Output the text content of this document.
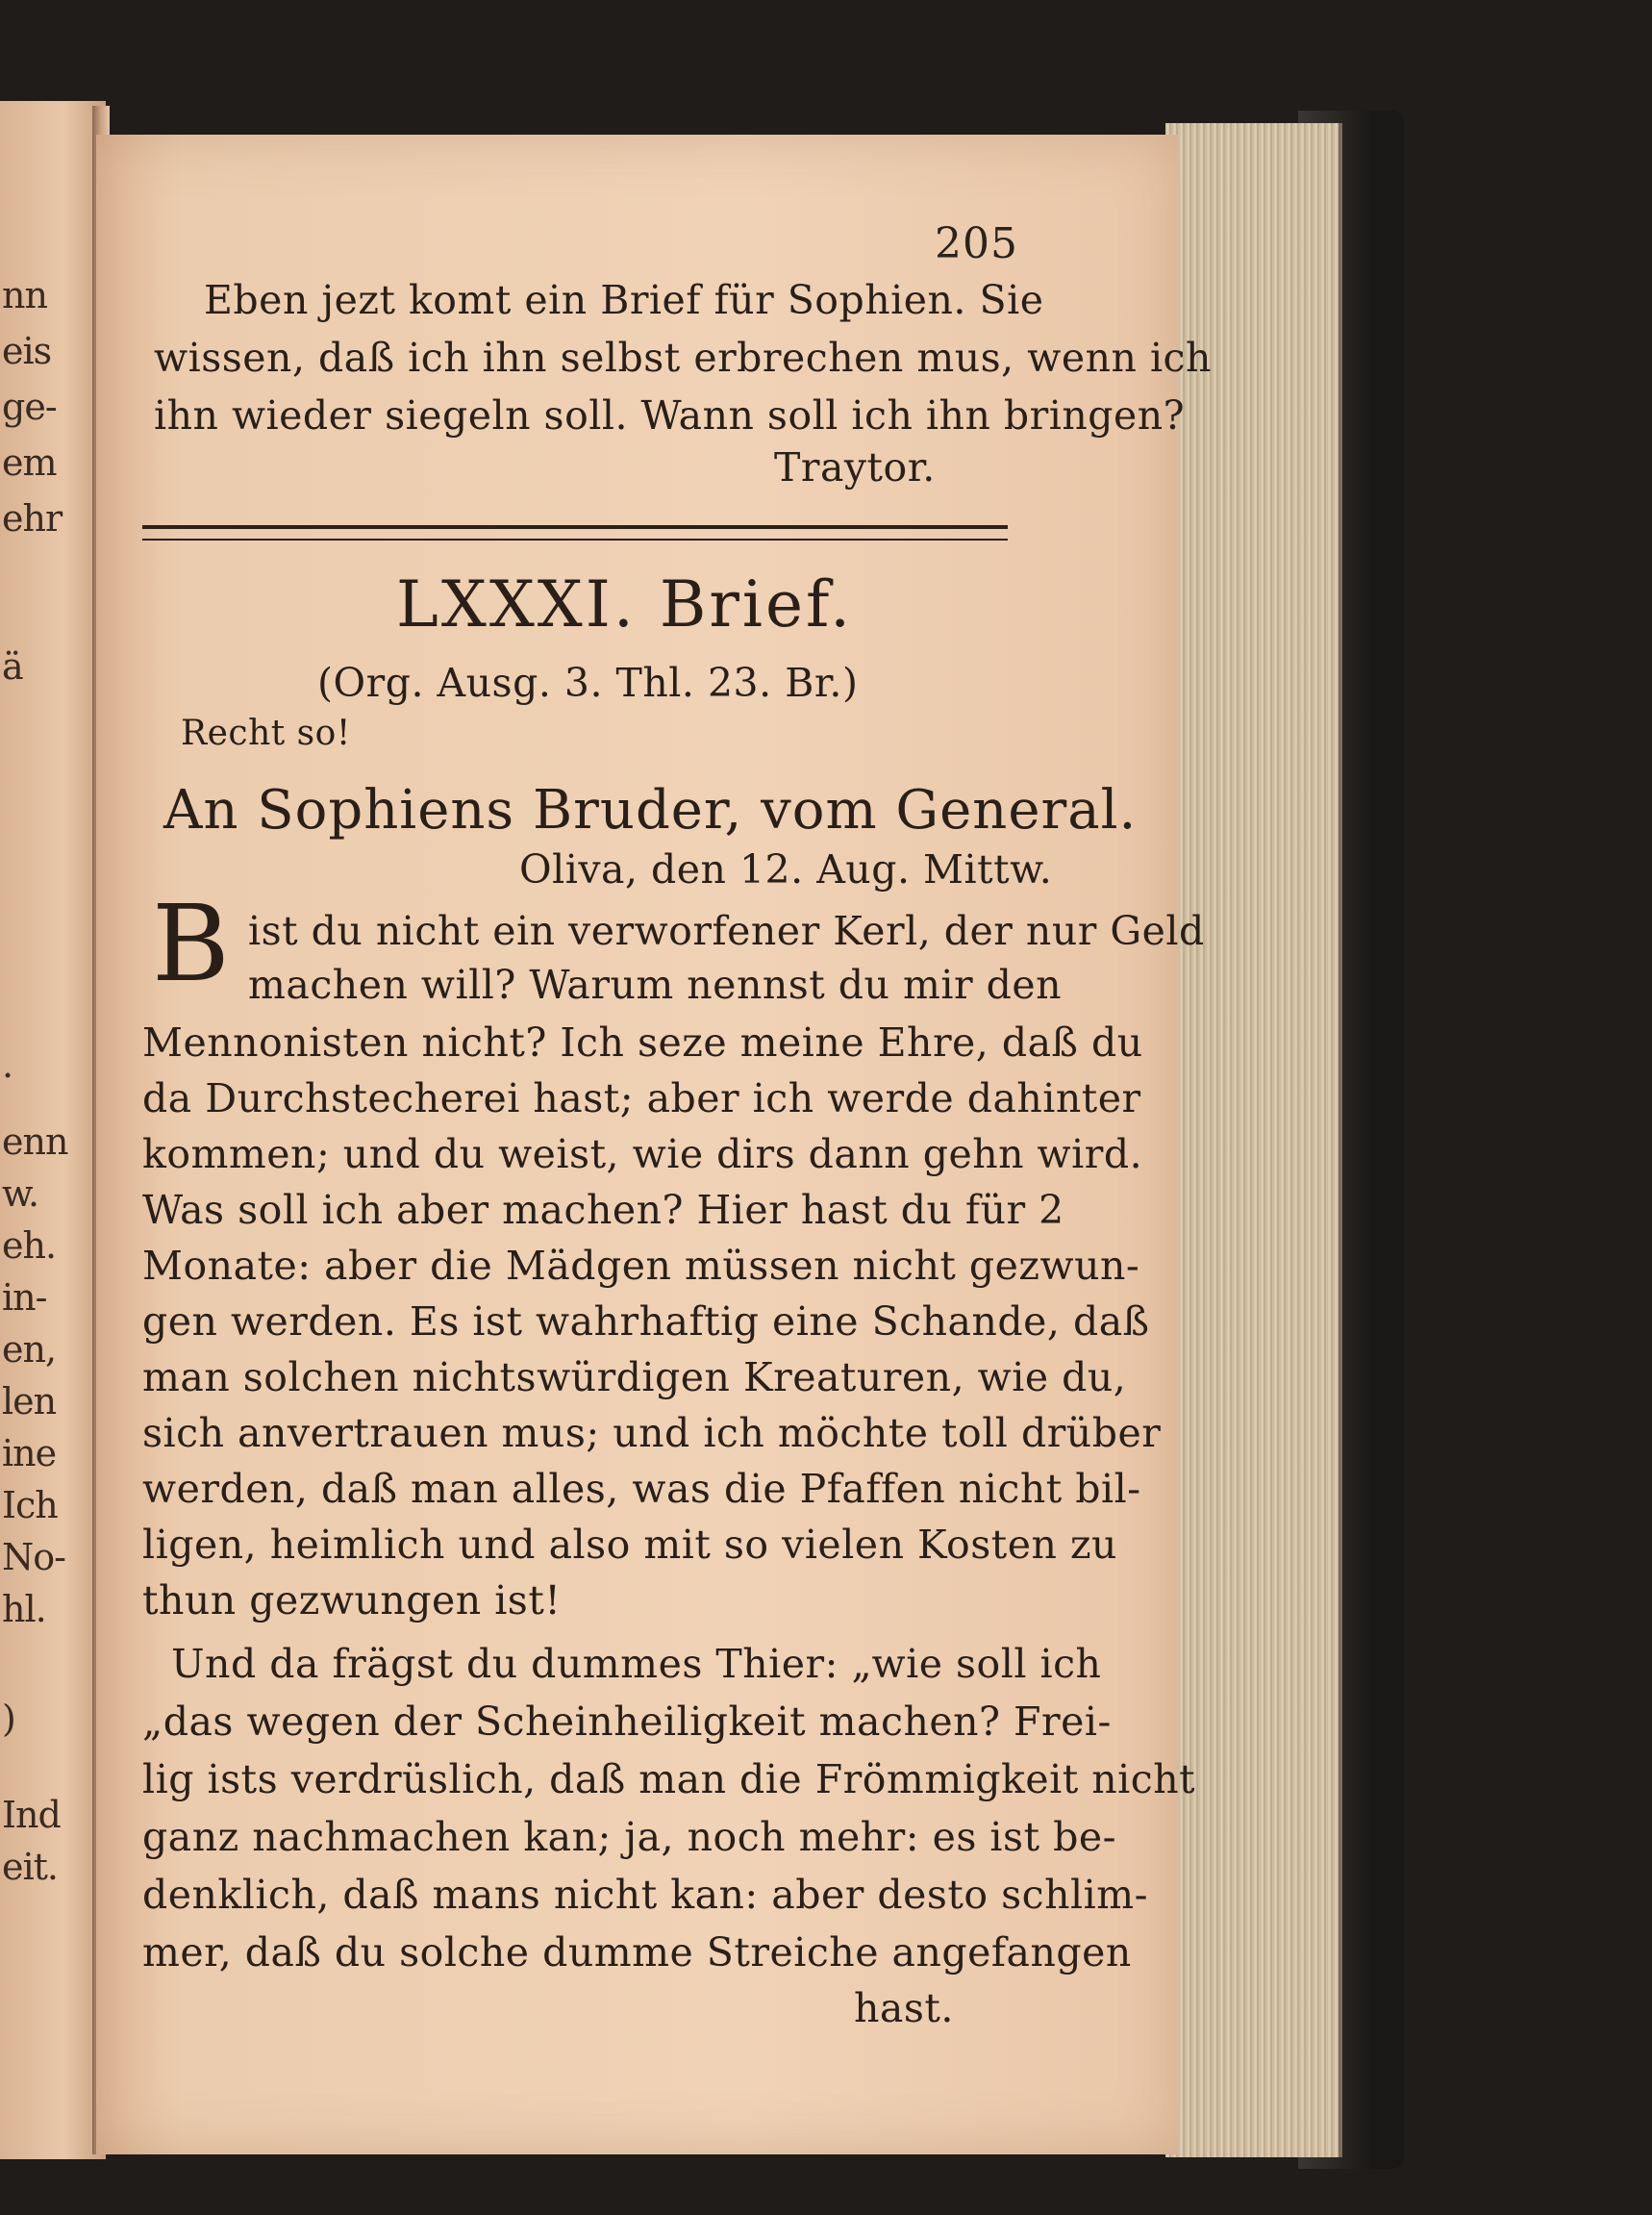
nn
eis
ge-
em
ehr
ä
.
enn
w.
eh.
in-
en,
len
ine
Ich
No-
hl.
)
Ind
eit.
205
Eben jezt komt ein Brief für Sophien. Sie
wissen, daß ich ihn selbst erbrechen mus, wenn ich
ihn wieder siegeln soll. Wann soll ich ihn bringen?
Traytor.
LXXXI. Brief.
(Org. Ausg. 3. Thl. 23. Br.)
Recht so!
An Sophiens Bruder, vom General.
Oliva, den 12. Aug. Mittw.
B ist du nicht ein verworfener Kerl, der nur Geld
machen will? Warum nennst du mir den
Mennonisten nicht? Ich seze meine Ehre, daß du
da Durchstecherei hast; aber ich werde dahinter
kommen; und du weist, wie dirs dann gehn wird.
Was soll ich aber machen? Hier hast du für 2
Monate: aber die Mädgen müssen nicht gezwun-
gen werden. Es ist wahrhaftig eine Schande, daß
man solchen nichtswürdigen Kreaturen, wie du,
sich anvertrauen mus; und ich möchte toll drüber
werden, daß man alles, was die Pfaffen nicht bil-
ligen, heimlich und also mit so vielen Kosten zu
thun gezwungen ist!
Und da frägst du dummes Thier: „wie soll ich
„das wegen der Scheinheiligkeit machen? Frei-
lig ists verdrüslich, daß man die Frömmigkeit nicht
ganz nachmachen kan; ja, noch mehr: es ist be-
denklich, daß mans nicht kan: aber desto schlim-
mer, daß du solche dumme Streiche angefangen
hast.
